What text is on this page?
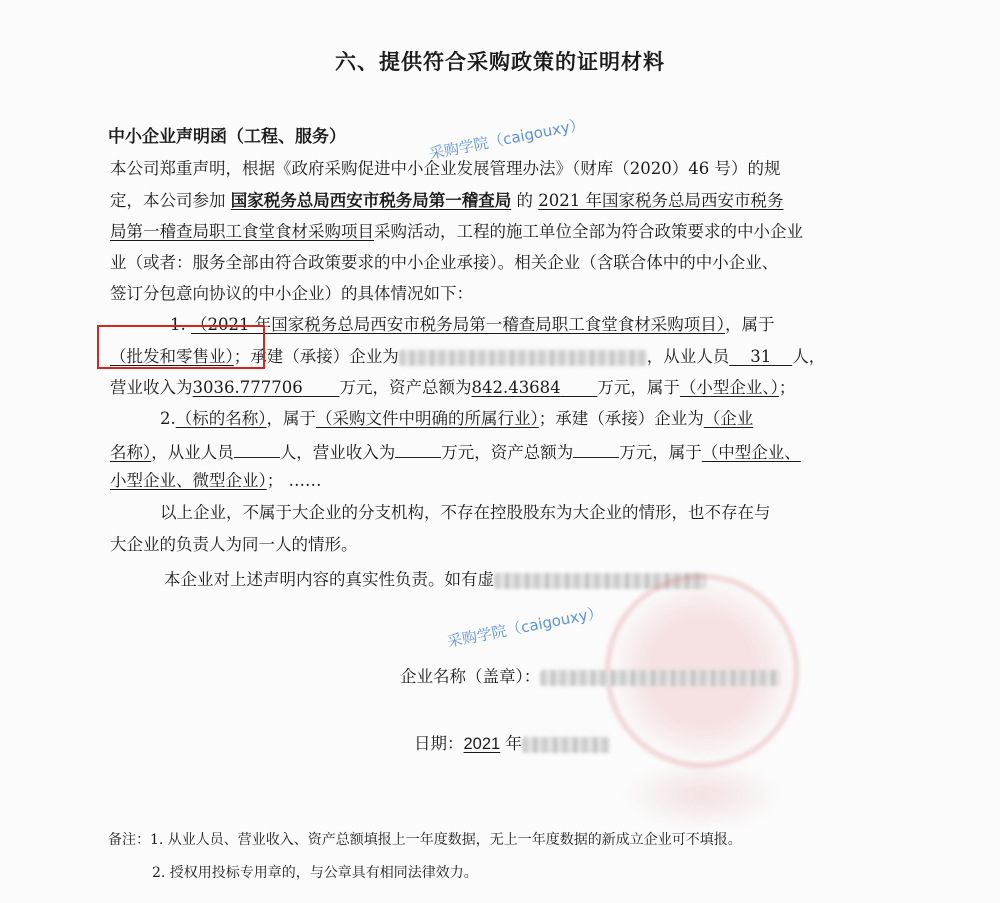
六、提供符合采购政策的证明材料
中小企业声明函（工程、服务）	采购学院（caigouxy）
本公司郑重声明，根据《政府采购促进中小企业发展管理办法》（财库（2020）46 号）的规
定，本公司参加 国家税务总局西安市税务局第一稽查局 的 2021 年国家税务总局西安市税务
局第一稽查局职工食堂食材采购项目采购活动，工程的施工单位全部为符合政策要求的中小企业
业（或者：服务全部由符合政策要求的中小企业承接）。相关企业（含联合体中的中小企业、
签订分包意向协议的中小企业）的具体情况如下：
1. （2021 年国家税务总局西安市税务局第一稽查局职工食堂食材采购项目），属于
（批发和零售业）；承建（承接）企业为	，从业人员 31 人，
营业收入为3036.777706 万元，资产总额为842.43684 万元，属于（小型企业、）；
2.（标的名称），属于（采购文件中明确的所属行业）；承建（承接）企业为（企业
名称），从业人员	人，营业收入为	万元，资产总额为	万元，属于（中型企业、
小型企业、微型企业）； ……
以上企业，不属于大企业的分支机构，不存在控股股东为大企业的情形，也不存在与
大企业的负责人为同一人的情形。
本企业对上述声明内容的真实性负责。如有虚
采购学院（caigouxy）
企业名称（盖章）：
日期：2021 年
备注：1. 从业人员、营业收入、资产总额填报上一年度数据，无上一年度数据的新成立企业可不填报。
2. 授权用投标专用章的，与公章具有相同法律效力。
